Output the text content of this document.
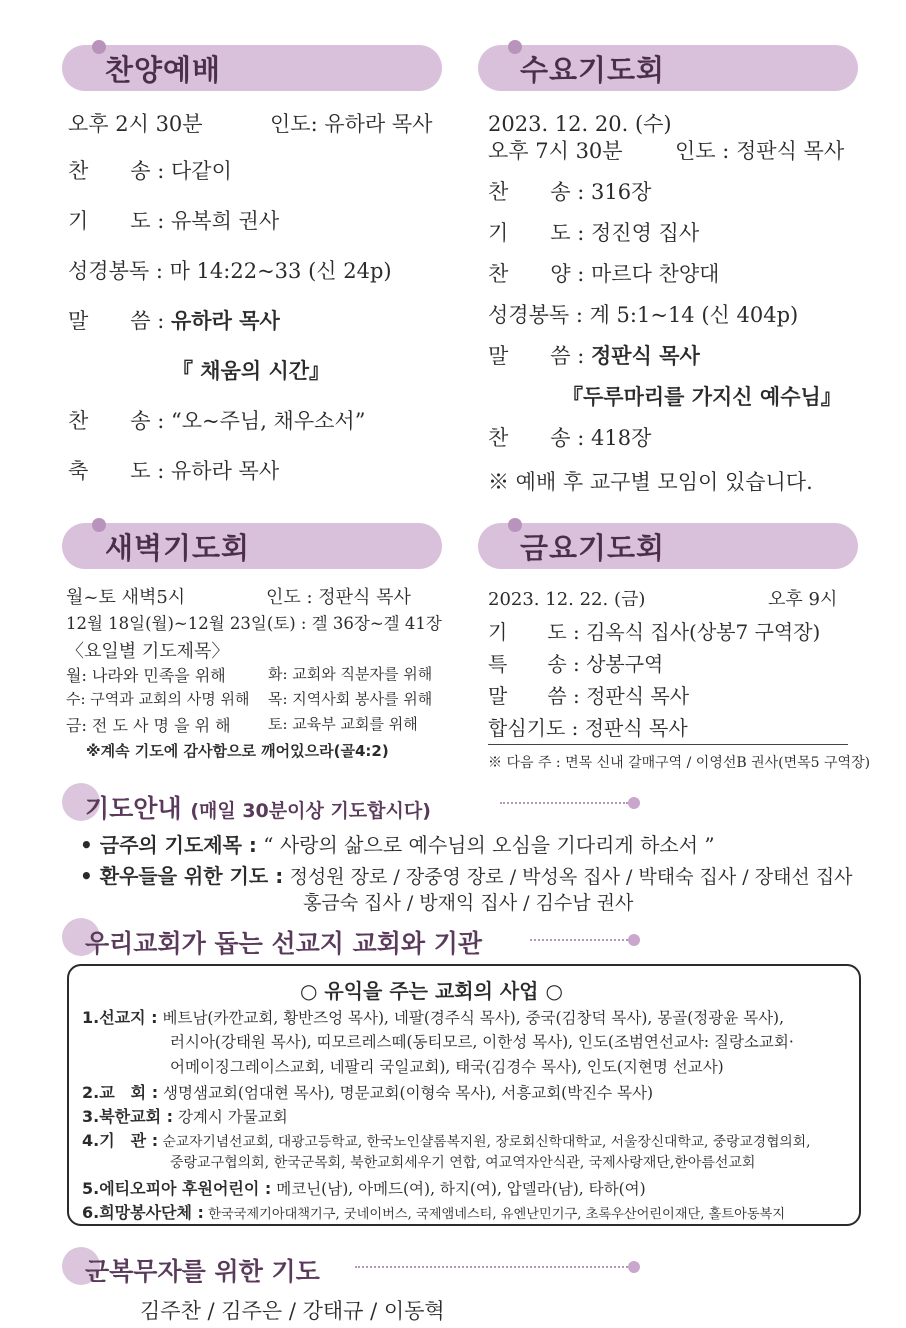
찬양예배
오후 2시 30분	인도: 유하라 목사
찬　　송 : 다같이
기　　도 : 유복희 권사
성경봉독 : 마 14:22~33 (신 24p)
말　　씀 : 유하라 목사
『 채움의 시간』
찬　　송 : “오~주님, 채우소서”
축　　도 : 유하라 목사
수요기도회
2023. 12. 20. (수)
오후 7시 30분 인도 : 정판식 목사
찬　　송 : 316장
기　　도 : 정진영 집사
찬　　양 : 마르다 찬양대
성경봉독 : 계 5:1~14 (신 404p)
말　　씀 : 정판식 목사
『두루마리를 가지신 예수님』
찬　　송 : 418장
※ 예배 후 교구별 모임이 있습니다.
새벽기도회
월~토 새벽5시	인도 : 정판식 목사
12월 18일(월)~12월 23일(토) : 겔 36장~겔 41장
〈요일별 기도제목〉
월: 나라와 민족을 위해	화: 교회와 직분자를 위해
수: 구역과 교회의 사명 위해 목: 지역사회 봉사를 위해
금: 전 도 사 명 을 위 해 토: 교육부 교회를 위해
※계속 기도에 감사함으로 깨어있으라(골4:2)
금요기도회
2023. 12. 22. (금)	오후 9시
기　　도 : 김옥식 집사(상봉7 구역장)
특　　송 : 상봉구역
말　　씀 : 정판식 목사
합심기도 : 정판식 목사
※ 다음 주 : 면목 신내 갈매구역 / 이영선B 권사(면목5 구역장)
기도안내 (매일 30분이상 기도합시다)
• 금주의 기도제목 : “ 사랑의 삶으로 예수님의 오심을 기다리게 하소서 ”
• 환우들을 위한 기도 : 정성원 장로 / 장중영 장로 / 박성옥 집사 / 박태숙 집사 / 장태선 집사
홍금숙 집사 / 방재익 집사 / 김수남 권사
우리교회가 돕는 선교지 교회와 기관
○ 유익을 주는 교회의 사업 ○
1.선교지 : 베트남(카깐교회, 황반즈엉 목사), 네팔(경주식 목사), 중국(김창덕 목사), 몽골(정광윤 목사),
러시아(강태원 목사), 띠모르레스떼(동티모르, 이한성 목사), 인도(조범연선교사: 질랑소교회·
어메이징그레이스교회, 네팔리 국일교회), 태국(김경수 목사), 인도(지현명 선교사)
2.교　회 : 생명샘교회(엄대현 목사), 명문교회(이형숙 목사), 서흥교회(박진수 목사)
3.북한교회 : 강계시 가물교회
4.기　관 : 순교자기념선교회, 대광고등학교, 한국노인샬롬복지원, 장로회신학대학교, 서울장신대학교, 중랑교경협의회,
중랑교구협의회, 한국군목회, 북한교회세우기 연합, 여교역자안식관, 국제사랑재단,한아름선교회
5.에티오피아 후원어린이 : 메코닌(남), 아메드(여), 하지(여), 압델라(남), 타하(여)
6.희망봉사단체 : 한국국제기아대책기구, 굿네이버스, 국제앰네스티, 유엔난민기구, 초록우산어린이재단, 홀트아동복지
군복무자를 위한 기도
김주찬 / 김주은 / 강태규 / 이동혁
